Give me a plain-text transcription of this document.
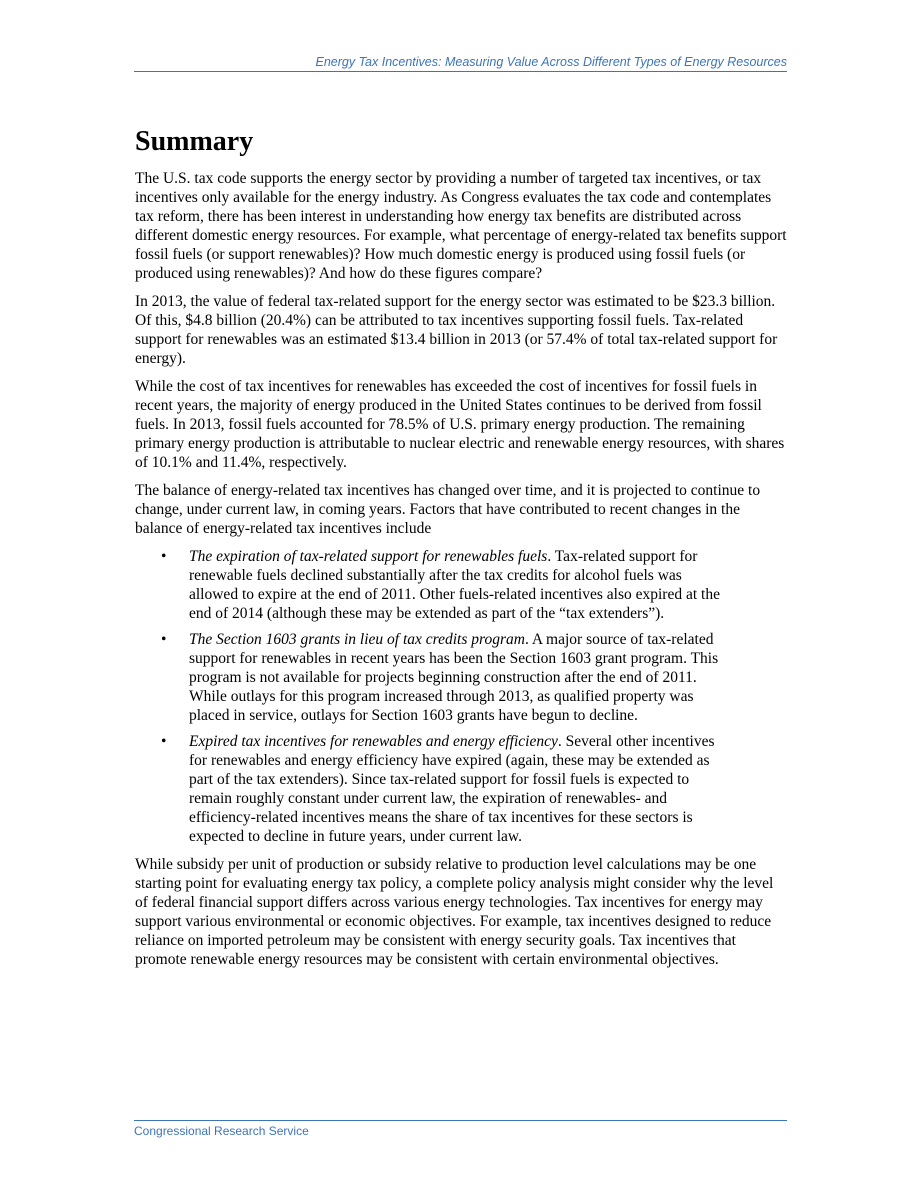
Energy Tax Incentives: Measuring Value Across Different Types of Energy Resources
Summary

The U.S. tax code supports the energy sector by providing a number of targeted tax incentives, or tax incentives only available for the energy industry. As Congress evaluates the tax code and contemplates tax reform, there has been interest in understanding how energy tax benefits are distributed across different domestic energy resources. For example, what percentage of energy-related tax benefits support fossil fuels (or support renewables)? How much domestic energy is produced using fossil fuels (or produced using renewables)? And how do these figures compare?

In 2013, the value of federal tax-related support for the energy sector was estimated to be $23.3 billion. Of this, $4.8 billion (20.4%) can be attributed to tax incentives supporting fossil fuels. Tax-related support for renewables was an estimated $13.4 billion in 2013 (or 57.4% of total tax-related support for energy).

While the cost of tax incentives for renewables has exceeded the cost of incentives for fossil fuels in recent years, the majority of energy produced in the United States continues to be derived from fossil fuels. In 2013, fossil fuels accounted for 78.5% of U.S. primary energy production. The remaining primary energy production is attributable to nuclear electric and renewable energy resources, with shares of 10.1% and 11.4%, respectively.

The balance of energy-related tax incentives has changed over time, and it is projected to continue to change, under current law, in coming years. Factors that have contributed to recent changes in the balance of energy-related tax incentives include

• The expiration of tax-related support for renewables fuels. Tax-related support for renewable fuels declined substantially after the tax credits for alcohol fuels was allowed to expire at the end of 2011. Other fuels-related incentives also expired at the end of 2014 (although these may be extended as part of the “tax extenders”).
• The Section 1603 grants in lieu of tax credits program. A major source of tax-related support for renewables in recent years has been the Section 1603 grant program. This program is not available for projects beginning construction after the end of 2011. While outlays for this program increased through 2013, as qualified property was placed in service, outlays for Section 1603 grants have begun to decline.
• Expired tax incentives for renewables and energy efficiency. Several other incentives for renewables and energy efficiency have expired (again, these may be extended as part of the tax extenders). Since tax-related support for fossil fuels is expected to remain roughly constant under current law, the expiration of renewables- and efficiency-related incentives means the share of tax incentives for these sectors is expected to decline in future years, under current law.

While subsidy per unit of production or subsidy relative to production level calculations may be one starting point for evaluating energy tax policy, a complete policy analysis might consider why the level of federal financial support differs across various energy technologies. Tax incentives for energy may support various environmental or economic objectives. For example, tax incentives designed to reduce reliance on imported petroleum may be consistent with energy security goals. Tax incentives that promote renewable energy resources may be consistent with certain environmental objectives.

Congressional Research Service
